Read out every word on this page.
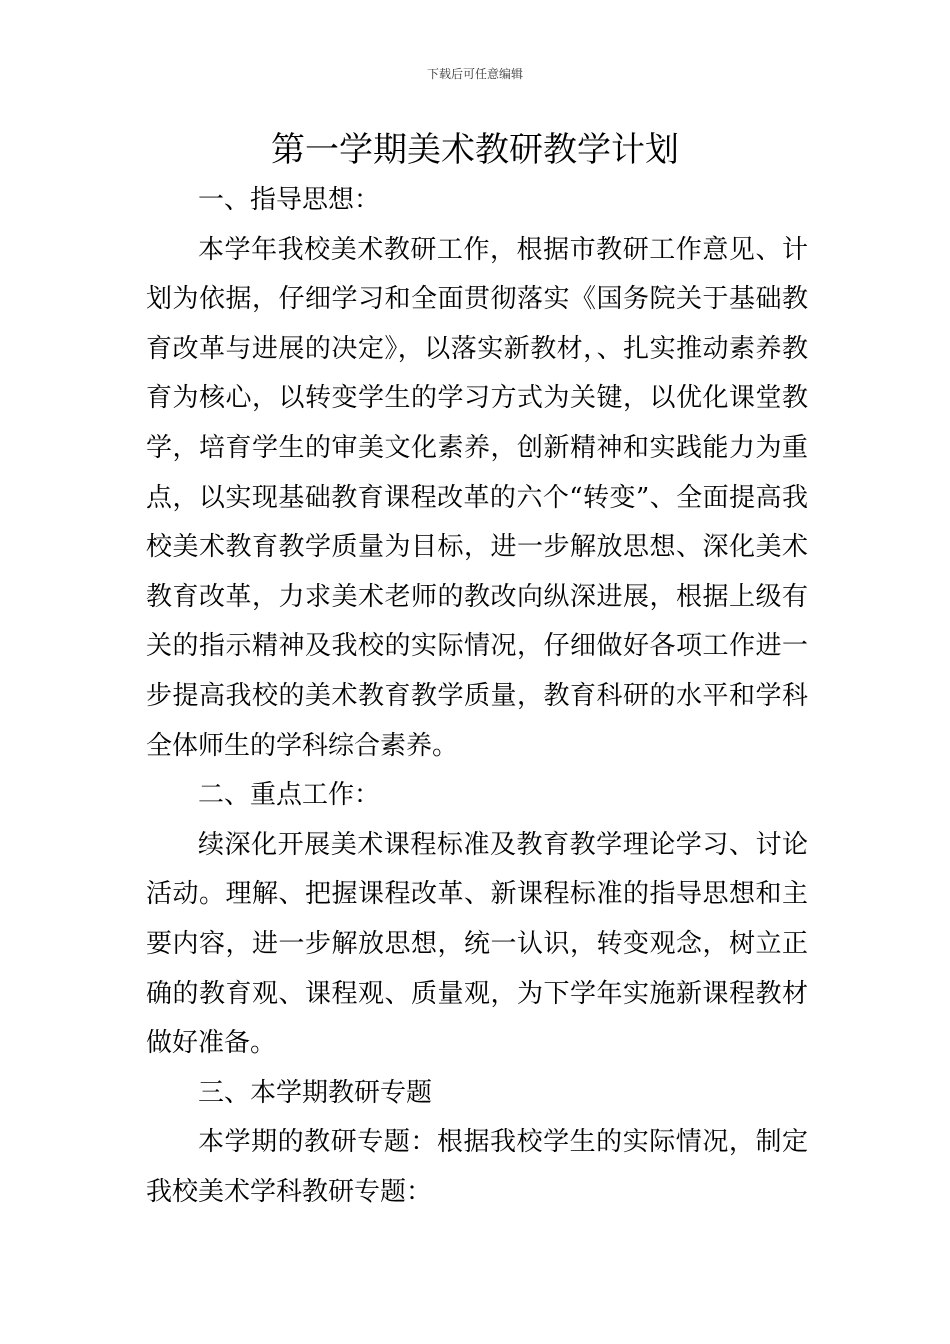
下载后可任意编辑
第一学期美术教研教学计划

一、指导思想：

本学年我校美术教研工作，根据市教研工作意见、计划为依据，仔细学习和全面贯彻落实《国务院关于基础教育改革与进展的决定》，以落实新教材，、扎实推动素养教育为核心，以转变学生的学习方式为关键，以优化课堂教学，培育学生的审美文化素养，创新精神和实践能力为重点，以实现基础教育课程改革的六个“转变”、全面提高我校美术教育教学质量为目标，进一步解放思想、深化美术教育改革，力求美术老师的教改向纵深进展，根据上级有关的指示精神及我校的实际情况，仔细做好各项工作进一步提高我校的美术教育教学质量，教育科研的水平和学科全体师生的学科综合素养。

二、重点工作：

续深化开展美术课程标准及教育教学理论学习、讨论活动。理解、把握课程改革、新课程标准的指导思想和主要内容，进一步解放思想，统一认识，转变观念，树立正确的教育观、课程观、质量观，为下学年实施新课程教材做好准备。

三、本学期教研专题

本学期的教研专题：根据我校学生的实际情况，制定我校美术学科教研专题：
